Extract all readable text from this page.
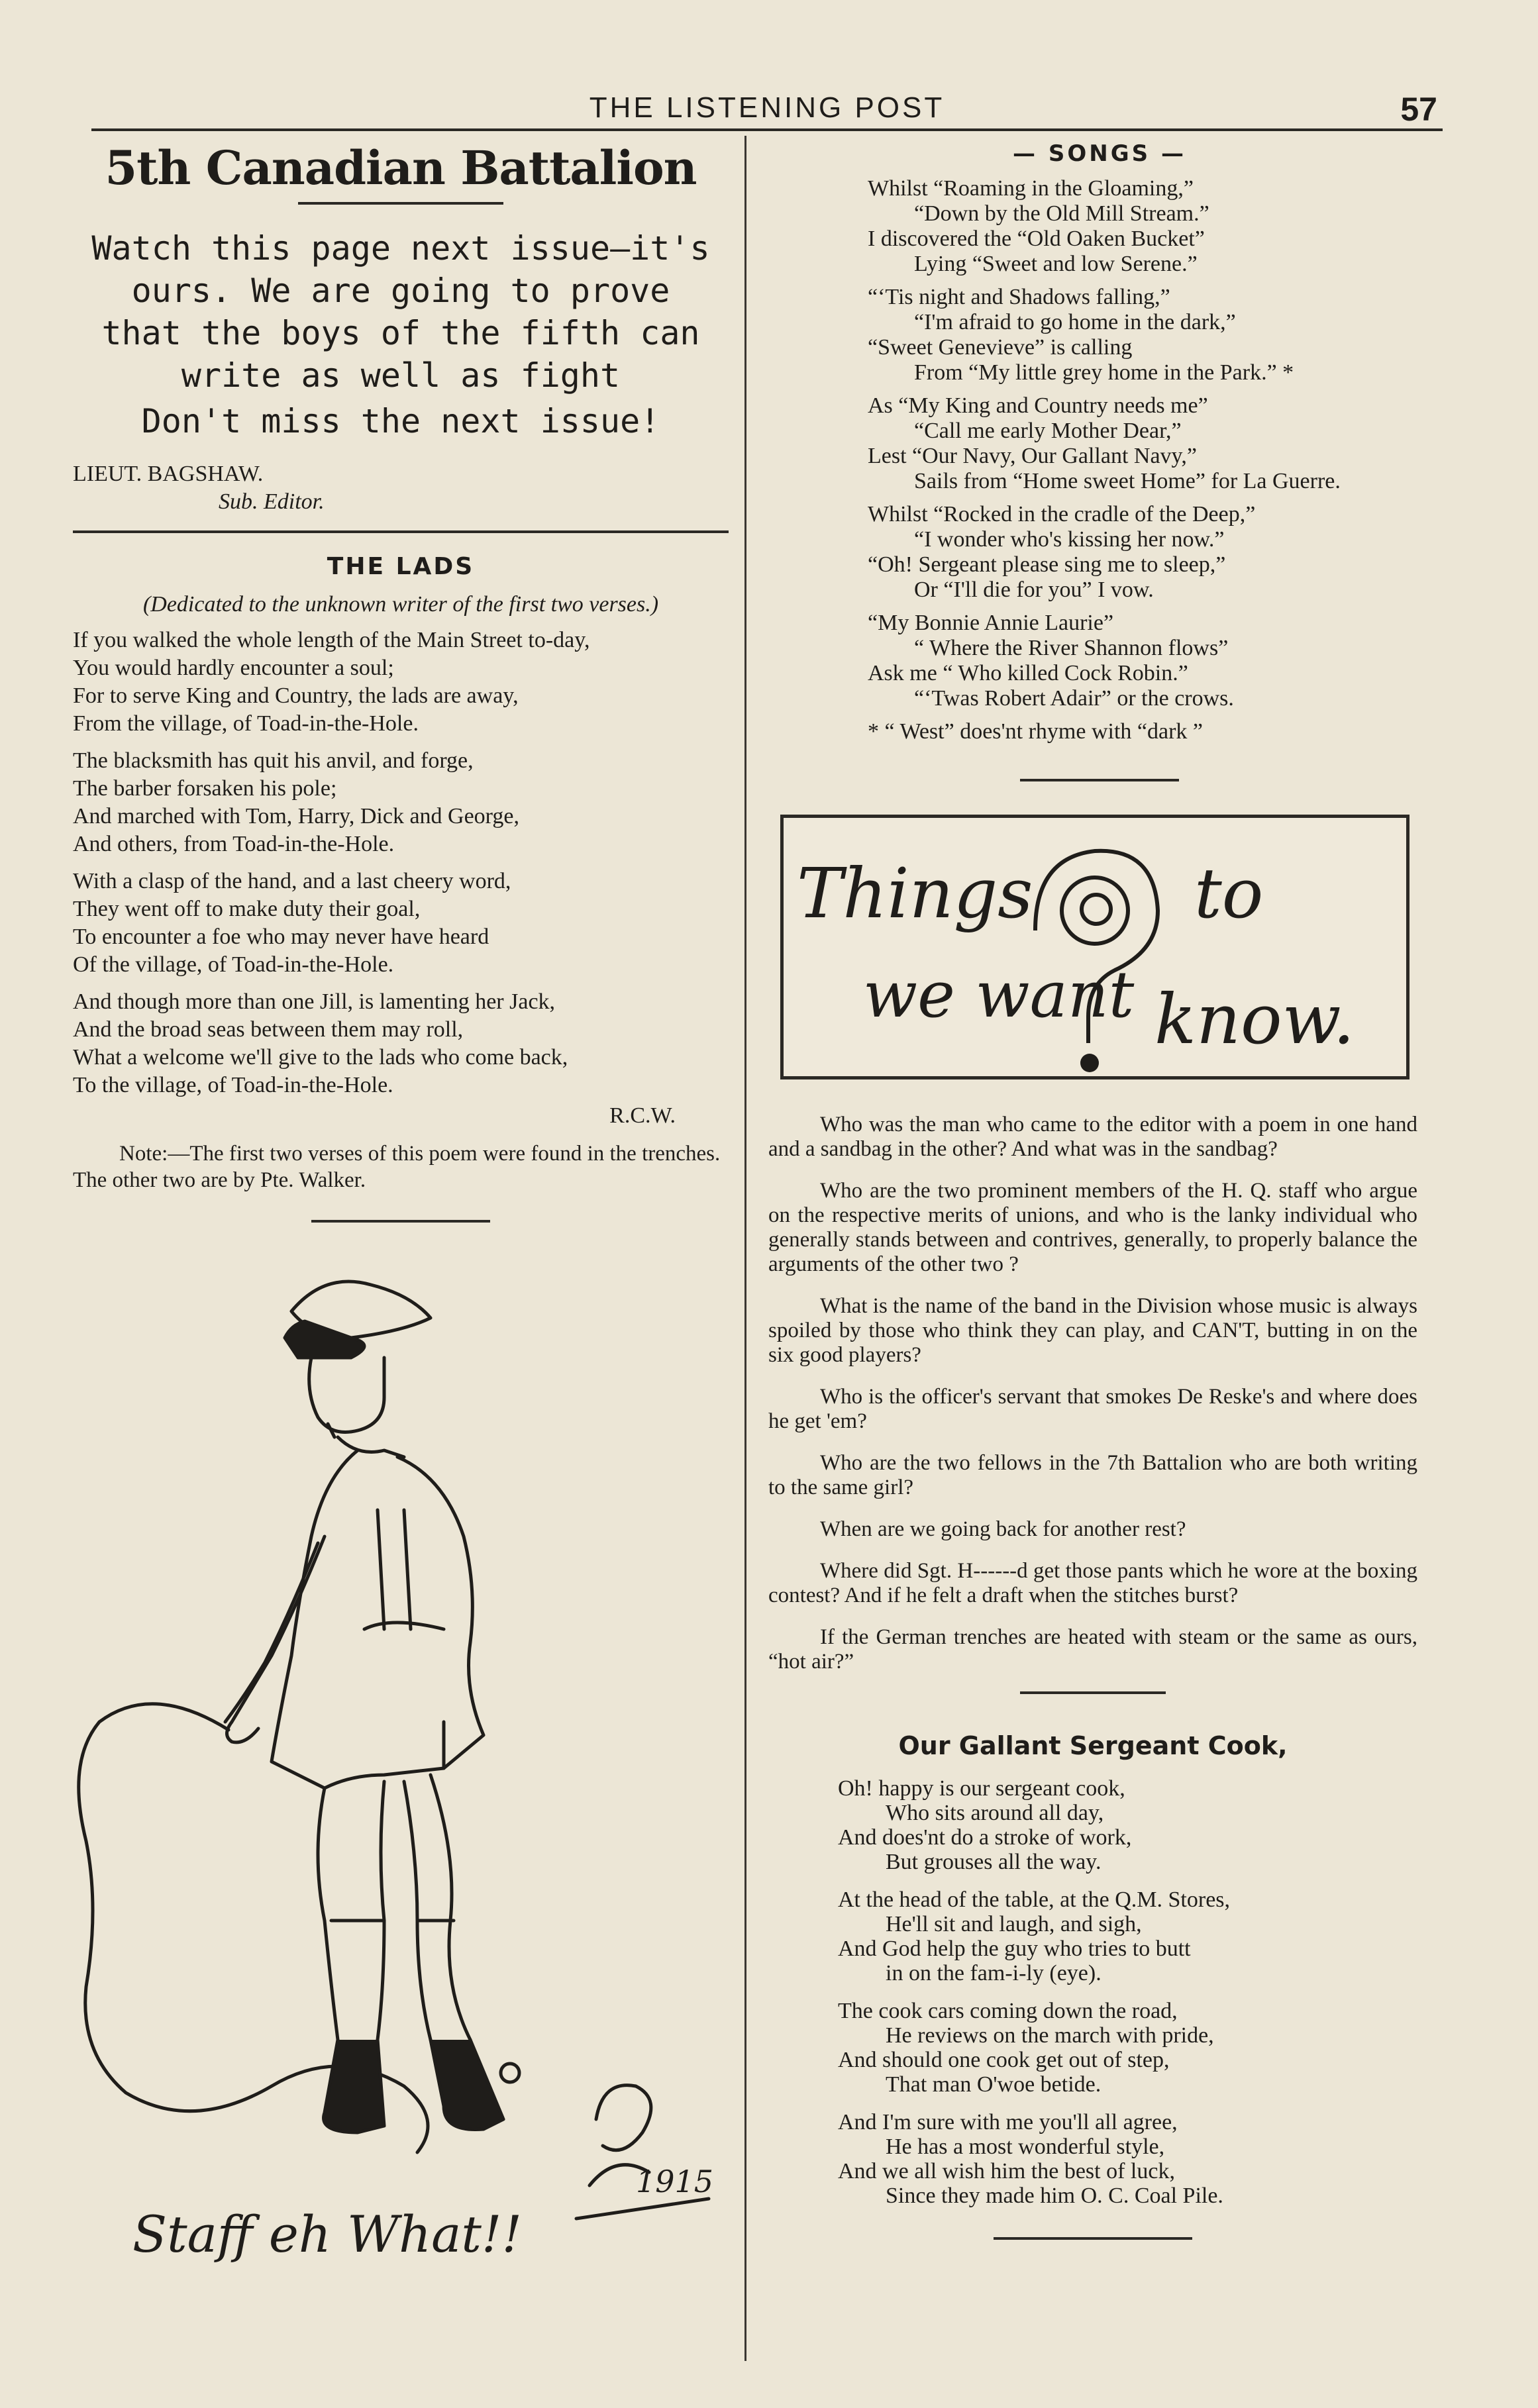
THE LISTENING POST	57
5th Canadian Battalion
Watch this page next issue—it's
ours. We are going to prove
that the boys of the fifth can
write as well as fight
Don't miss the next issue!
LIEUT. BAGSHAW.
Sub. Editor.
THE LADS
(Dedicated to the unknown writer of the first two verses.)
If you walked the whole length of the Main Street to-day,
You would hardly encounter a soul;
For to serve King and Country, the lads are away,
From the village, of Toad-in-the-Hole.
The blacksmith has quit his anvil, and forge,
The barber forsaken his pole;
And marched with Tom, Harry, Dick and George,
And others, from Toad-in-the-Hole.
With a clasp of the hand, and a last cheery word,
They went off to make duty their goal,
To encounter a foe who may never have heard
Of the village, of Toad-in-the-Hole.
And though more than one Jill, is lamenting her Jack,
And the broad seas between them may roll,
What a welcome we'll give to the lads who come back,
To the village, of Toad-in-the-Hole.
R.C.W.
Note:—The first two verses of this poem were found in the trenches. The other two are by Pte. Walker.
Staff eh What!!
1915
— SONGS —
Whilst “Roaming in the Gloaming,”
“Down by the Old Mill Stream.”
I discovered the “Old Oaken Bucket”
Lying “Sweet and low Serene.”
“‘Tis night and Shadows falling,”
“I'm afraid to go home in the dark,”
“Sweet Genevieve” is calling
From “My little grey home in the Park.” *
As “My King and Country needs me”
“Call me early Mother Dear,”
Lest “Our Navy, Our Gallant Navy,”
Sails from “Home sweet Home” for La Guerre.
Whilst “Rocked in the cradle of the Deep,”
“I wonder who's kissing her now.”
“Oh! Sergeant please sing me to sleep,”
Or “I'll die for you” I vow.
“My Bonnie Annie Laurie”
“ Where the River Shannon flows”
Ask me “ Who killed Cock Robin.”
“‘Twas Robert Adair” or the crows.
* “ West” does'nt rhyme with “dark ”
Things to
we want know.

Who was the man who came to the editor with a poem in one hand and a sandbag in the other? And what was in the sandbag?

Who are the two prominent members of the H. Q. staff who argue on the respective merits of unions, and who is the lanky individual who generally stands between and contrives, generally, to properly balance the arguments of the other two ?

What is the name of the band in the Division whose music is always spoiled by those who think they can play, and CAN'T, butting in on the six good players?

Who is the officer's servant that smokes De Reske's and where does he get 'em?

Who are the two fellows in the 7th Battalion who are both writing to the same girl?

When are we going back for another rest?

Where did Sgt. H------d get those pants which he wore at the boxing contest? And if he felt a draft when the stitches burst?

If the German trenches are heated with steam or the same as ours, “hot air?”

Our Gallant Sergeant Cook,
Oh! happy is our sergeant cook,
Who sits around all day,
And does'nt do a stroke of work,
But grouses all the way.
At the head of the table, at the Q.M. Stores,
He'll sit and laugh, and sigh,
And God help the guy who tries to butt
in on the fam-i-ly (eye).
The cook cars coming down the road,
He reviews on the march with pride,
And should one cook get out of step,
That man O'woe betide.
And I'm sure with me you'll all agree,
He has a most wonderful style,
And we all wish him the best of luck,
Since they made him O. C. Coal Pile.
